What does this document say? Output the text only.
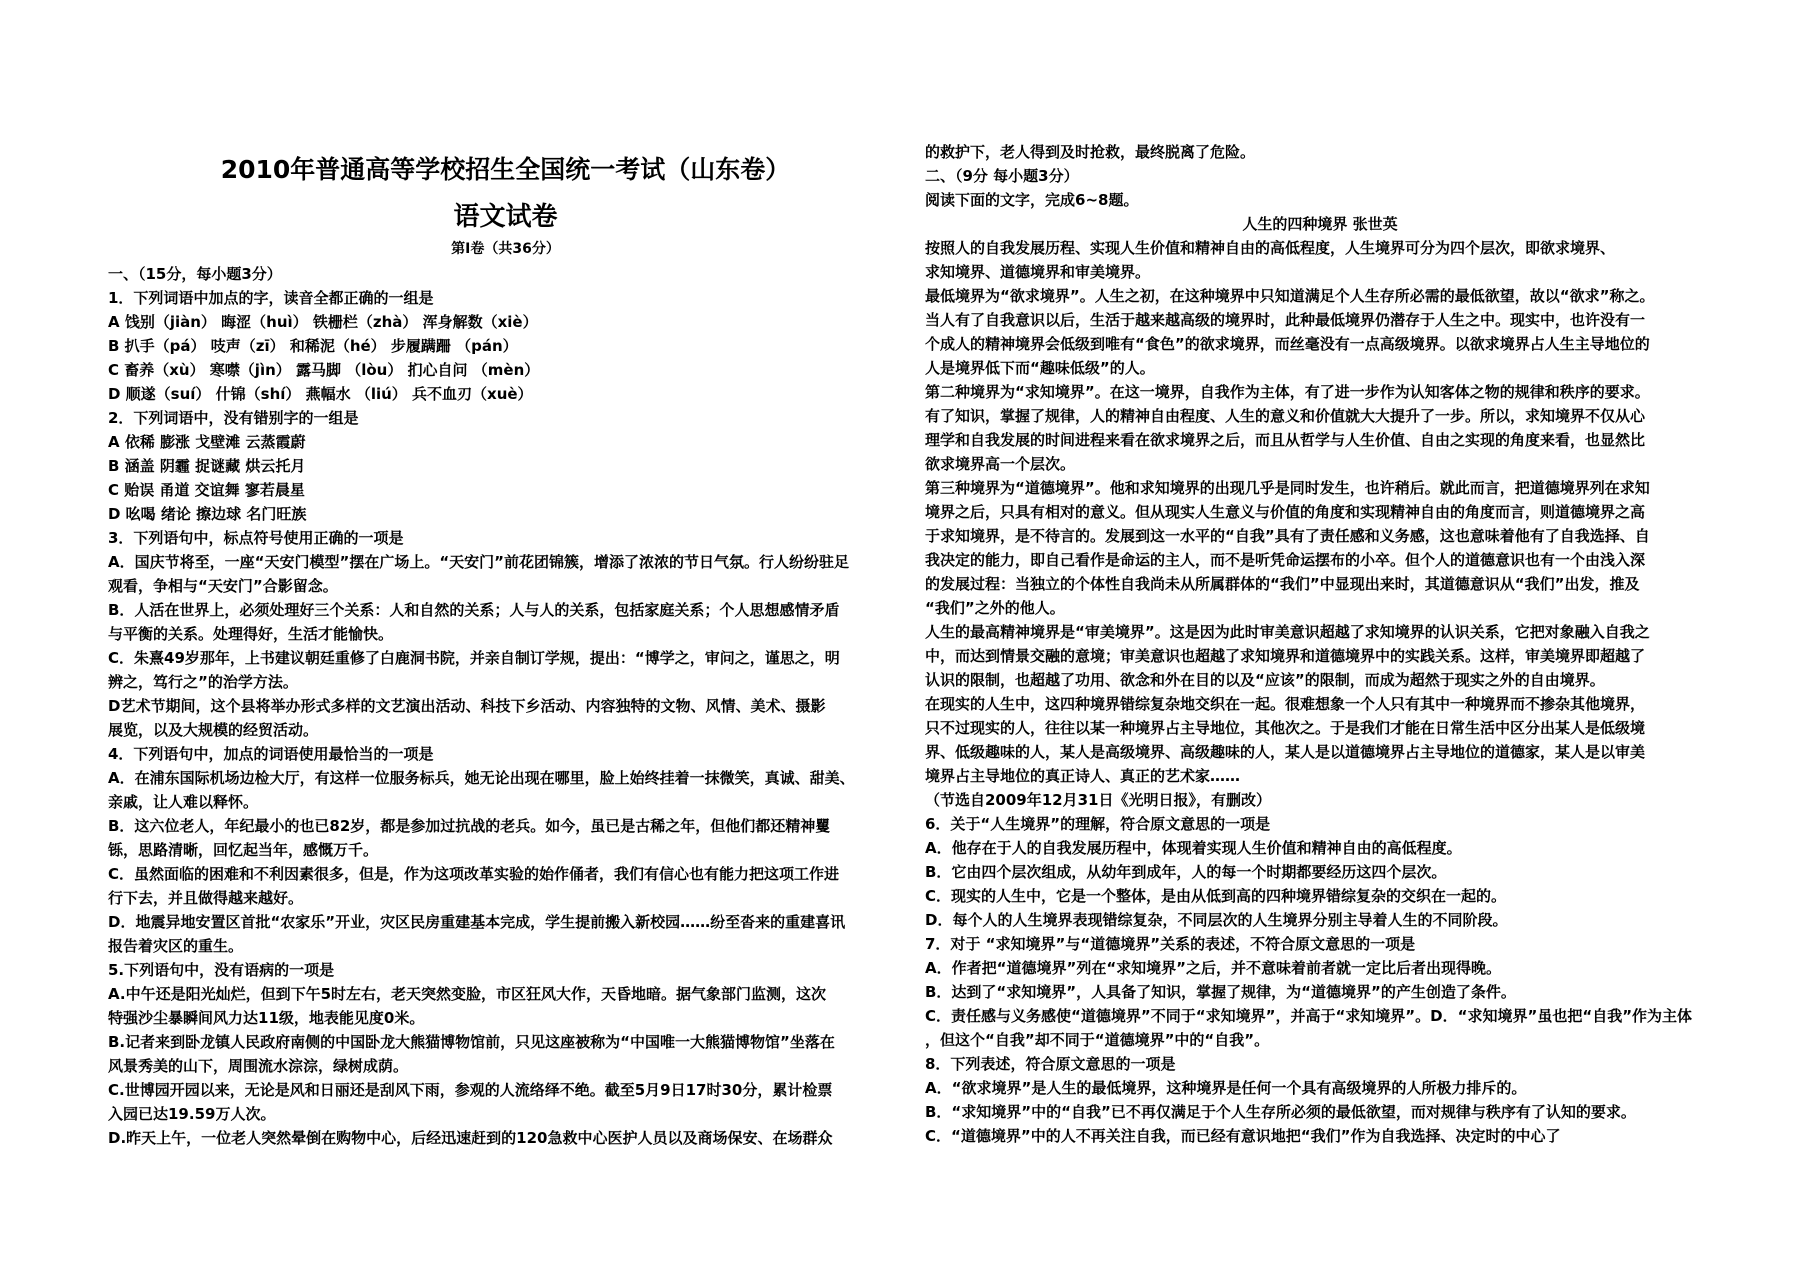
2010年普通高等学校招生全国统一考试（山东卷）
语文试卷
第Ⅰ卷（共36分）
一、（15分，每小题3分）
1．下列词语中加点的字，读音全都正确的一组是
A 饯别（jiàn） 晦涩（huì） 铁栅栏（zhà） 浑身解数（xiè）
B 扒手（pá） 吱声（zī） 和稀泥（hé） 步履蹒跚 （pán）
C 畜养（xù） 寒噤（jìn） 露马脚 （lòu） 扪心自问 （mèn）
D 顺遂（suí） 什锦（shí） 燕幅水 （liú） 兵不血刃（xuè）
2．下列词语中，没有错别字的一组是
A 依稀 膨涨 戈壁滩 云蒸霞蔚
B 涵盖 阴霾 捉谜藏 烘云托月
C 贻误 甬道 交谊舞 寥若晨星
D 吆喝 绪论 擦边球 名门旺族
3．下列语句中，标点符号使用正确的一项是
A．国庆节将至，一座“天安门模型”摆在广场上。“天安门”前花团锦簇，增添了浓浓的节日气氛。行人纷纷驻足
观看，争相与“天安门”合影留念。
B．人活在世界上，必须处理好三个关系：人和自然的关系；人与人的关系，包括家庭关系；个人思想感情矛盾
与平衡的关系。处理得好，生活才能愉快。
C．朱熹49岁那年，上书建议朝廷重修了白鹿洞书院，并亲自制订学规，提出：“博学之，审问之，谨思之，明
辨之，笃行之”的治学方法。
D艺术节期间，这个县将举办形式多样的文艺演出活动、科技下乡活动、内容独特的文物、风情、美术、摄影
展览，以及大规模的经贸活动。
4．下列语句中，加点的词语使用最恰当的一项是
A．在浦东国际机场边检大厅，有这样一位服务标兵，她无论出现在哪里，脸上始终挂着一抹微笑，真诚、甜美、
亲戚，让人难以释怀。
B．这六位老人，年纪最小的也已82岁，都是参加过抗战的老兵。如今，虽已是古稀之年，但他们都还精神矍
铄，思路清晰，回忆起当年，感慨万千。
C．虽然面临的困难和不利因素很多，但是，作为这项改革实验的始作俑者，我们有信心也有能力把这项工作进
行下去，并且做得越来越好。
D．地震异地安置区首批“农家乐”开业，灾区民房重建基本完成，学生提前搬入新校园……纷至沓来的重建喜讯
报告着灾区的重生。
5.下列语句中，没有语病的一项是
A.中午还是阳光灿烂，但到下午5时左右，老天突然变脸，市区狂风大作，天昏地暗。据气象部门监测，这次
特强沙尘暴瞬间风力达11级，地表能见度0米。
B.记者来到卧龙镇人民政府南侧的中国卧龙大熊猫博物馆前，只见这座被称为“中国唯一大熊猫博物馆”坐落在
风景秀美的山下，周围流水淙淙，绿树成荫。
C.世博园开园以来，无论是风和日丽还是刮风下雨，参观的人流络绎不绝。截至5月9日17时30分，累计检票
入园已达19.59万人次。
D.昨天上午，一位老人突然晕倒在购物中心，后经迅速赶到的120急救中心医护人员以及商场保安、在场群众
的救护下，老人得到及时抢救，最终脱离了危险。
二、（9分 每小题3分）
阅读下面的文字，完成6~8题。
人生的四种境界 张世英
按照人的自我发展历程、实现人生价值和精神自由的高低程度，人生境界可分为四个层次，即欲求境界、
求知境界、道德境界和审美境界。
最低境界为“欲求境界”。人生之初，在这种境界中只知道满足个人生存所必需的最低欲望，故以“欲求”称之。
当人有了自我意识以后，生活于越来越高级的境界时，此种最低境界仍潜存于人生之中。现实中，也许没有一
个成人的精神境界会低级到唯有“食色”的欲求境界，而丝毫没有一点高级境界。以欲求境界占人生主导地位的
人是境界低下而“趣味低级”的人。
第二种境界为“求知境界”。在这一境界，自我作为主体，有了进一步作为认知客体之物的规律和秩序的要求。
有了知识，掌握了规律，人的精神自由程度、人生的意义和价值就大大提升了一步。所以，求知境界不仅从心
理学和自我发展的时间进程来看在欲求境界之后，而且从哲学与人生价值、自由之实现的角度来看，也显然比
欲求境界高一个层次。
第三种境界为“道德境界”。他和求知境界的出现几乎是同时发生，也许稍后。就此而言，把道德境界列在求知
境界之后，只具有相对的意义。但从现实人生意义与价值的角度和实现精神自由的角度而言，则道德境界之高
于求知境界，是不待言的。发展到这一水平的“自我”具有了责任感和义务感，这也意味着他有了自我选择、自
我决定的能力，即自己看作是命运的主人，而不是听凭命运摆布的小卒。但个人的道德意识也有一个由浅入深
的发展过程：当独立的个体性自我尚未从所属群体的“我们”中显现出来时，其道德意识从“我们”出发，推及
“我们”之外的他人。
人生的最高精神境界是“审美境界”。这是因为此时审美意识超越了求知境界的认识关系，它把对象融入自我之
中，而达到情景交融的意境；审美意识也超越了求知境界和道德境界中的实践关系。这样，审美境界即超越了
认识的限制，也超越了功用、欲念和外在目的以及“应该”的限制，而成为超然于现实之外的自由境界。
在现实的人生中，这四种境界错综复杂地交织在一起。很难想象一个人只有其中一种境界而不掺杂其他境界，
只不过现实的人，往往以某一种境界占主导地位，其他次之。于是我们才能在日常生活中区分出某人是低级境
界、低级趣味的人，某人是高级境界、高级趣味的人，某人是以道德境界占主导地位的道德家，某人是以审美
境界占主导地位的真正诗人、真正的艺术家……
（节选自2009年12月31日《光明日报》，有删改）
6．关于“人生境界”的理解，符合原文意思的一项是
A．他存在于人的自我发展历程中，体现着实现人生价值和精神自由的高低程度。
B．它由四个层次组成，从幼年到成年，人的每一个时期都要经历这四个层次。
C．现实的人生中，它是一个整体，是由从低到高的四种境界错综复杂的交织在一起的。
D．每个人的人生境界表现错综复杂，不同层次的人生境界分别主导着人生的不同阶段。
7．对于 “求知境界”与“道德境界”关系的表述，不符合原文意思的一项是
A．作者把“道德境界”列在“求知境界”之后，并不意味着前者就一定比后者出现得晚。
B．达到了“求知境界”，人具备了知识，掌握了规律，为“道德境界”的产生创造了条件。
C．责任感与义务感使“道德境界”不同于“求知境界”，并高于“求知境界”。D．“求知境界”虽也把“自我”作为主体
，但这个“自我”却不同于“道德境界”中的“自我”。
8．下列表述，符合原文意思的一项是
A．“欲求境界”是人生的最低境界，这种境界是任何一个具有高级境界的人所极力排斥的。
B．“求知境界”中的“自我”已不再仅满足于个人生存所必须的最低欲望，而对规律与秩序有了认知的要求。
C．“道德境界”中的人不再关注自我，而已经有意识地把“我们”作为自我选择、决定时的中心了
